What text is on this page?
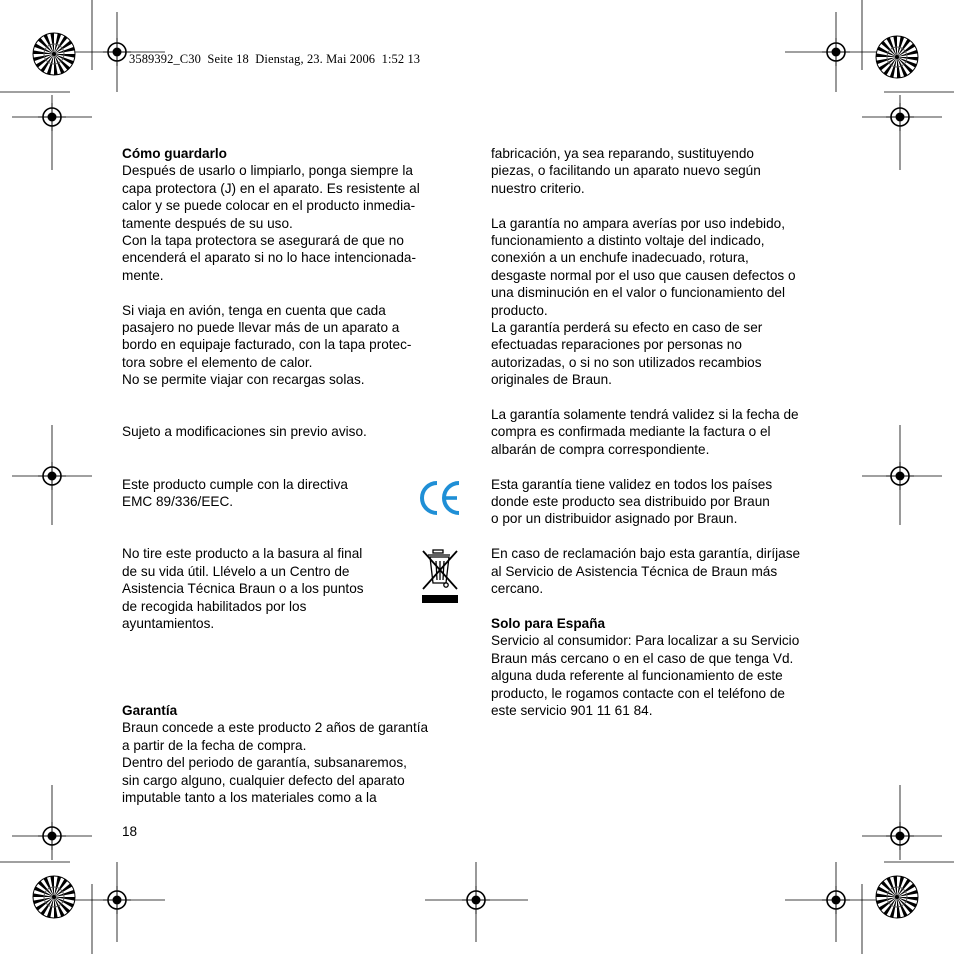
3589392_C30  Seite 18  Dienstag, 23. Mai 2006  1:52 13

Cómo guardarlo

Después de usarlo o limpiarlo, ponga siempre la
capa protectora (J) en el aparato. Es resistente al
calor y se puede colocar en el producto inmedia-
tamente después de su uso.
Con la tapa protectora se asegurará de que no
encenderá el aparato si no lo hace intencionada-
mente.

Si viaja en avión, tenga en cuenta que cada
pasajero no puede llevar más de un aparato a
bordo en equipaje facturado, con la tapa protec-
tora sobre el elemento de calor.
No se permite viajar con recargas solas.

Sujeto a modificaciones sin previo aviso.

Este producto cumple con la directiva
EMC 89/336/EEC.

No tire este producto a la basura al final
de su vida útil. Llévelo a un Centro de
Asistencia Técnica Braun o a los puntos
de recogida habilitados por los
ayuntamientos.

Garantía

Braun concede a este producto 2 años de garantía
a partir de la fecha de compra.
Dentro del periodo de garantía, subsanaremos,
sin cargo alguno, cualquier defecto del aparato
imputable tanto a los materiales como a la

fabricación, ya sea reparando, sustituyendo
piezas, o facilitando un aparato nuevo según
nuestro criterio.

La garantía no ampara averías por uso indebido,
funcionamiento a distinto voltaje del indicado,
conexión a un enchufe inadecuado, rotura,
desgaste normal por el uso que causen defectos o
una disminución en el valor o funcionamiento del
producto.
La garantía perderá su efecto en caso de ser
efectuadas reparaciones por personas no
autorizadas, o si no son utilizados recambios
originales de Braun.

La garantía solamente tendrá validez si la fecha de
compra es confirmada mediante la factura o el
albarán de compra correspondiente.

Esta garantía tiene validez en todos los países
donde este producto sea distribuido por Braun
o por un distribuidor asignado por Braun.

En caso de reclamación bajo esta garantía, diríjase
al Servicio de Asistencia Técnica de Braun más
cercano.

Solo para España

Servicio al consumidor: Para localizar a su Servicio
Braun más cercano o en el caso de que tenga Vd.
alguna duda referente al funcionamiento de este
producto, le rogamos contacte con el teléfono de
este servicio 901 11 61 84.

18
